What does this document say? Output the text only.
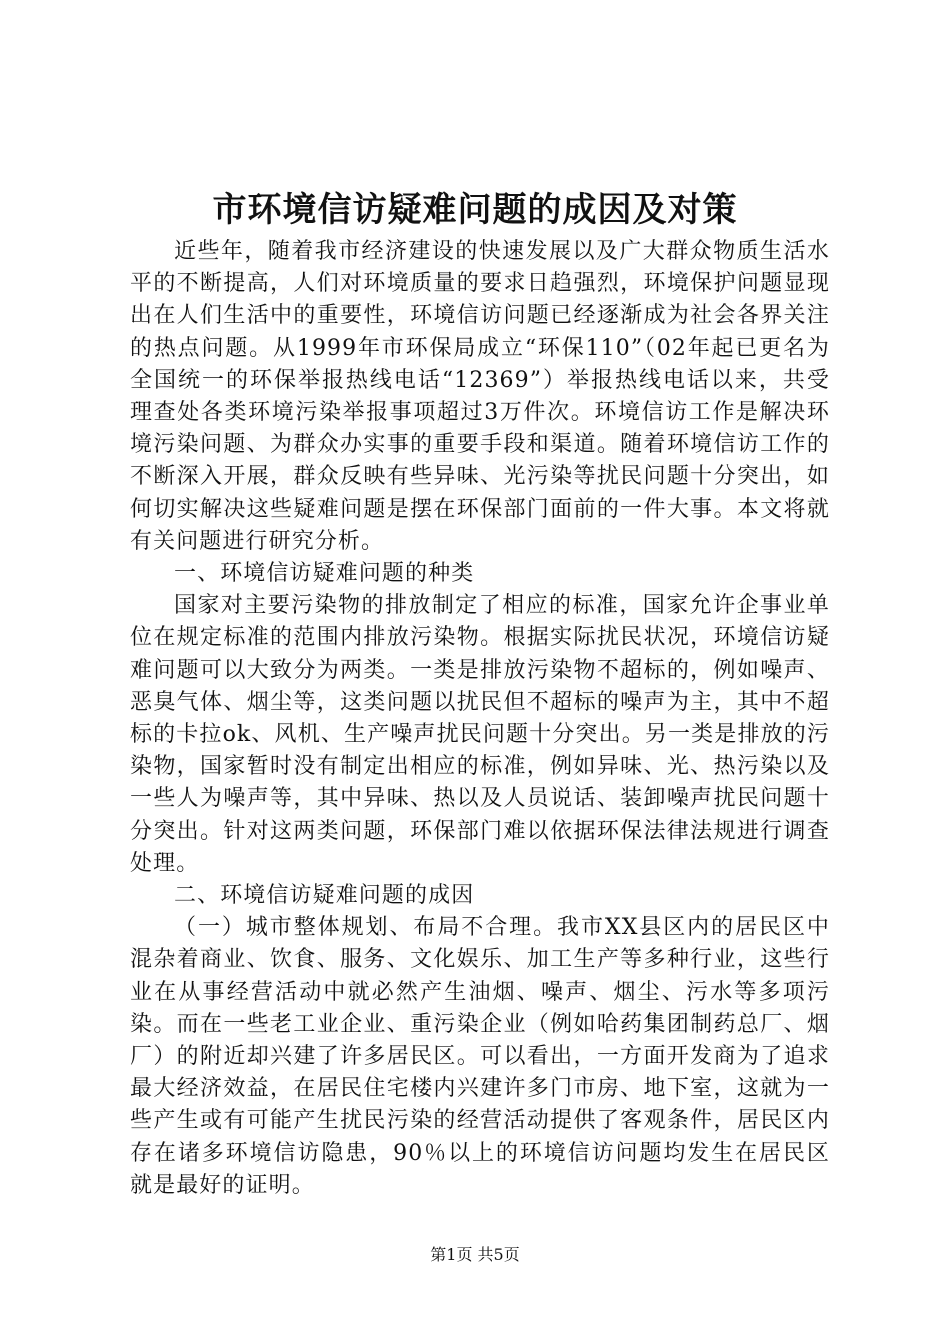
市环境信访疑难问题的成因及对策

近些年，随着我市经济建设的快速发展以及广大群众物质生活水平的不断提高，人们对环境质量的要求日趋强烈，环境保护问题显现出在人们生活中的重要性，环境信访问题已经逐渐成为社会各界关注的热点问题。从1999年市环保局成立“环保110”（02年起已更名为全国统一的环保举报热线电话“12369”）举报热线电话以来，共受理查处各类环境污染举报事项超过3万件次。环境信访工作是解决环境污染问题、为群众办实事的重要手段和渠道。随着环境信访工作的不断深入开展，群众反映有些异味、光污染等扰民问题十分突出，如何切实解决这些疑难问题是摆在环保部门面前的一件大事。本文将就有关问题进行研究分析。

一、环境信访疑难问题的种类

国家对主要污染物的排放制定了相应的标准，国家允许企事业单位在规定标准的范围内排放污染物。根据实际扰民状况，环境信访疑难问题可以大致分为两类。一类是排放污染物不超标的，例如噪声、恶臭气体、烟尘等，这类问题以扰民但不超标的噪声为主，其中不超标的卡拉ok、风机、生产噪声扰民问题十分突出。另一类是排放的污染物，国家暂时没有制定出相应的标准，例如异味、光、热污染以及一些人为噪声等，其中异味、热以及人员说话、装卸噪声扰民问题十分突出。针对这两类问题，环保部门难以依据环保法律法规进行调查处理。

二、环境信访疑难问题的成因

（一）城市整体规划、布局不合理。我市XX县区内的居民区中混杂着商业、饮食、服务、文化娱乐、加工生产等多种行业，这些行业在从事经营活动中就必然产生油烟、噪声、烟尘、污水等多项污染。而在一些老工业企业、重污染企业（例如哈药集团制药总厂、烟厂）的附近却兴建了许多居民区。可以看出，一方面开发商为了追求最大经济效益，在居民住宅楼内兴建许多门市房、地下室，这就为一些产生或有可能产生扰民污染的经营活动提供了客观条件，居民区内存在诸多环境信访隐患，90％以上的环境信访问题均发生在居民区就是最好的证明。

第1页 共5页
